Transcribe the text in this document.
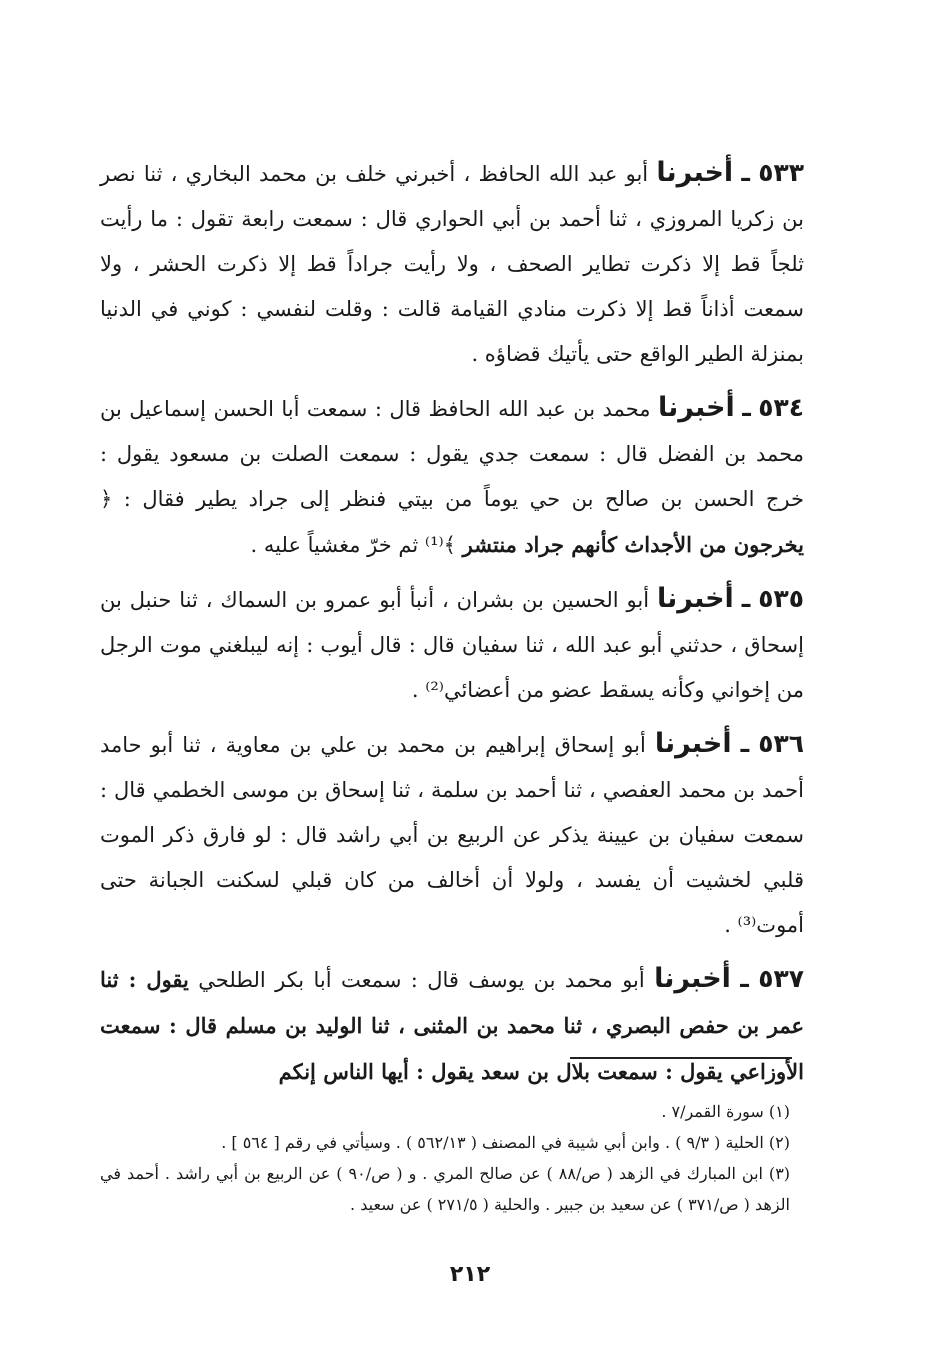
٥٣٣ ـ أخبرنا أبو عبد الله الحافظ ، أخبرني خلف بن محمد البخاري ، ثنا نصر بن زكريا المروزي ، ثنا أحمد بن أبي الحواري قال : سمعت رابعة تقول : ما رأيت ثلجاً قط إلا ذكرت تطاير الصحف ، ولا رأيت جراداً قط إلا ذكرت الحشر ، ولا سمعت أذاناً قط إلا ذكرت منادي القيامة قالت : وقلت لنفسي : كوني في الدنيا بمنزلة الطير الواقع حتى يأتيك قضاؤه .

٥٣٤ ـ أخبرنا محمد بن عبد الله الحافظ قال : سمعت أبا الحسن إسماعيل بن محمد بن الفضل قال : سمعت جدي يقول : سمعت الصلت بن مسعود يقول : خرج الحسن بن صالح بن حي يوماً من بيتي فنظر إلى جراد يطير فقال : ﴿ يخرجون من الأجداث كأنهم جراد منتشر ﴾⁽¹⁾ ثم خرّ مغشياً عليه .

٥٣٥ ـ أخبرنا أبو الحسين بن بشران ، أنبأ أبو عمرو بن السماك ، ثنا حنبل بن إسحاق ، حدثني أبو عبد الله ، ثنا سفيان قال : قال أيوب : إنه ليبلغني موت الرجل من إخواني وكأنه يسقط عضو من أعضائي⁽²⁾ .

٥٣٦ ـ أخبرنا أبو إسحاق إبراهيم بن محمد بن علي بن معاوية ، ثنا أبو حامد أحمد بن محمد العفصي ، ثنا أحمد بن سلمة ، ثنا إسحاق بن موسى الخطمي قال : سمعت سفيان بن عيينة يذكر عن الربيع بن أبي راشد قال : لو فارق ذكر الموت قلبي لخشيت أن يفسد ، ولولا أن أخالف من كان قبلي لسكنت الجبانة حتى أموت⁽³⁾ .

٥٣٧ ـ أخبرنا أبو محمد بن يوسف قال : سمعت أبا بكر الطلحي يقول : ثنا عمر بن حفص البصري ، ثنا محمد بن المثنى ، ثنا الوليد بن مسلم قال : سمعت الأوزاعي يقول : سمعت بلال بن سعد يقول : أيها الناس إنكم

(١) سورة القمر/٧ .

(٢) الحلية ( ٩/٣ ) . وابن أبي شيبة في المصنف ( ٥٦٢/١٣ ) . وسيأتي في رقم [ ٥٦٤ ] .

(٣) ابن المبارك في الزهد ( ص/٨٨ ) عن صالح المري . و ( ص/٩٠ ) عن الربيع بن أبي راشد . أحمد في الزهد ( ص/٣٧١ ) عن سعيد بن جبير . والحلية ( ٢٧١/٥ ) عن سعيد .

٢١٢
